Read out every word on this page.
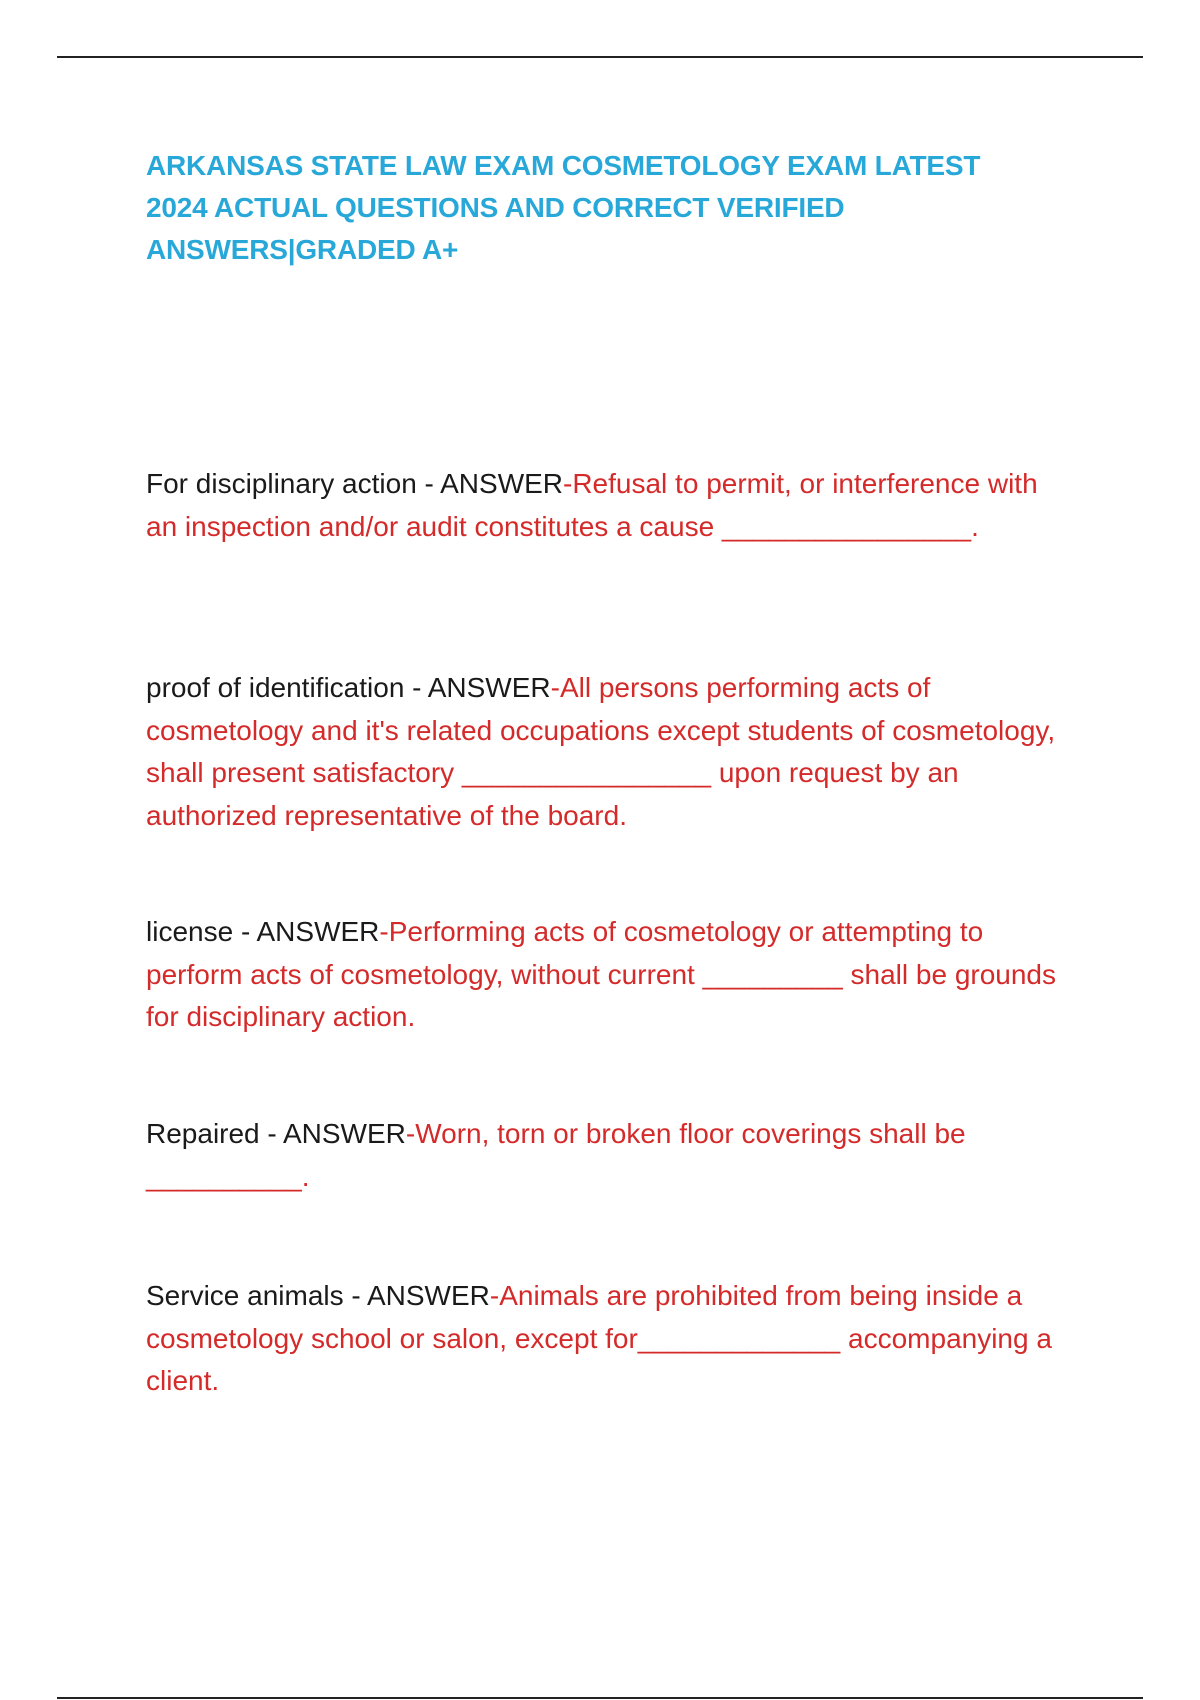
ARKANSAS STATE LAW EXAM COSMETOLOGY EXAM LATEST 2024 ACTUAL QUESTIONS AND CORRECT VERIFIED ANSWERS|GRADED A+
For disciplinary action - ANSWER-Refusal to permit, or interference with an inspection and/or audit constitutes a cause ________________.
proof of identification - ANSWER-All persons performing acts of cosmetology and it's related occupations except students of cosmetology, shall present satisfactory ________________ upon request by an authorized representative of the board.
license - ANSWER-Performing acts of cosmetology or attempting to perform acts of cosmetology, without current _________ shall be grounds for disciplinary action.
Repaired - ANSWER-Worn, torn or broken floor coverings shall be __________.
Service animals - ANSWER-Animals are prohibited from being inside a cosmetology school or salon, except for_____________ accompanying a client.
